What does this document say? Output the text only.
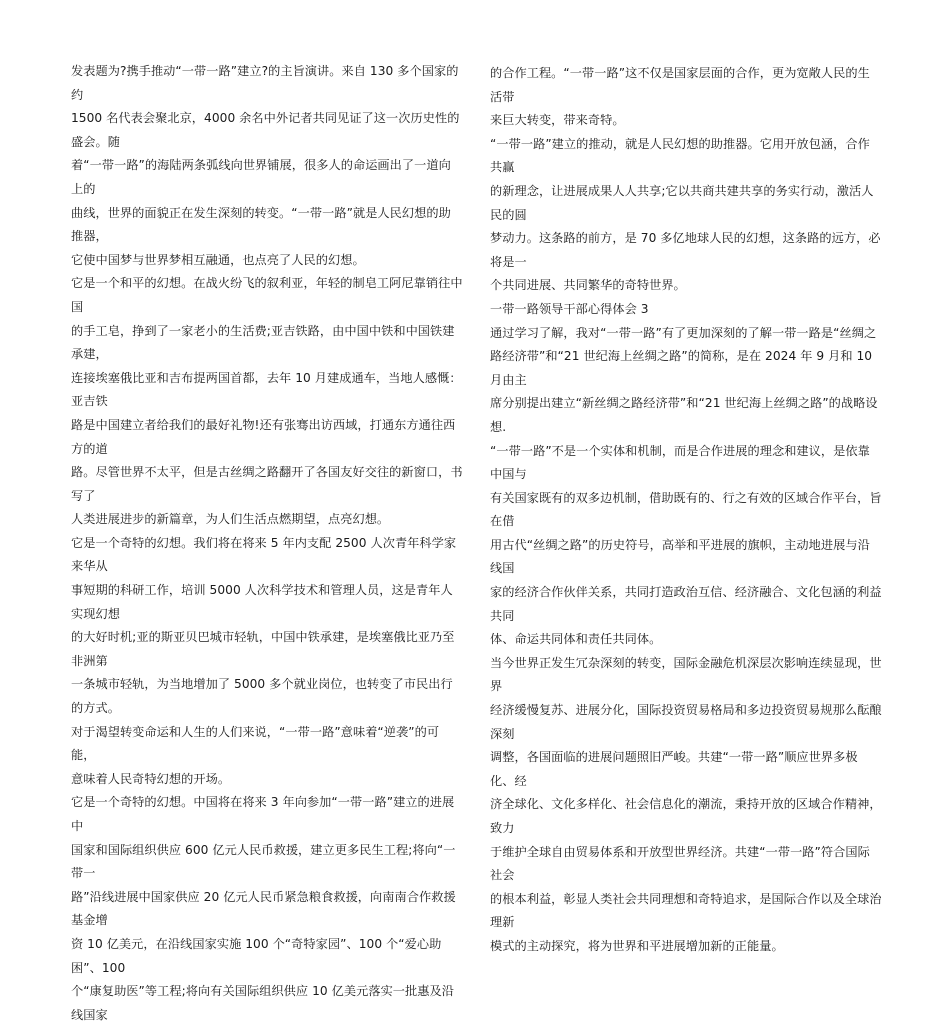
发表题为?携手推动“一带一路”建立?的主旨演讲。来自 130 多个国家的约
1500 名代表会聚北京，4000 余名中外记者共同见证了这一次历史性的盛会。随
着“一带一路”的海陆两条弧线向世界铺展，很多人的命运画出了一道向上的
曲线，世界的面貌正在发生深刻的转变。“一带一路”就是人民幻想的助推器，
它使中国梦与世界梦相互融通，也点亮了人民的幻想。

它是一个和平的幻想。在战火纷飞的叙利亚，年轻的制皂工阿尼靠销往中国
的手工皂，挣到了一家老小的生活费;亚吉铁路，由中国中铁和中国铁建承建，
连接埃塞俄比亚和吉布提两国首都，去年 10 月建成通车，当地人感慨：亚吉铁
路是中国建立者给我们的最好礼物!还有张骞出访西域，打通东方通往西方的道
路。尽管世界不太平，但是古丝绸之路翻开了各国友好交往的新窗口，书写了
人类进展进步的新篇章，为人们生活点燃期望，点亮幻想。

它是一个奇特的幻想。我们将在将来 5 年内支配 2500 人次青年科学家来华从
事短期的科研工作，培训 5000 人次科学技术和管理人员，这是青年人实现幻想
的大好时机;亚的斯亚贝巴城市轻轨，中国中铁承建，是埃塞俄比亚乃至非洲第
一条城市轻轨，为当地增加了 5000 多个就业岗位，也转变了市民出行的方式。
对于渴望转变命运和人生的人们来说，“一带一路”意味着“逆袭”的可能，
意味着人民奇特幻想的开场。

它是一个奇特的幻想。中国将在将来 3 年向参加“一带一路”建立的进展中
国家和国际组织供应 600 亿元人民币救援，建立更多民生工程;将向“一带一
路”沿线进展中国家供应 20 亿元人民币紧急粮食救援，向南南合作救援基金增
资 10 亿美元，在沿线国家实施 100 个“奇特家园”、100 个“爱心助困”、100
个“康复助医”等工程;将向有关国际组织供应 10 亿美元落实一批惠及沿线国家

的合作工程。“一带一路”这不仅是国家层面的合作，更为宽敞人民的生活带
来巨大转变，带来奇特。

“一带一路”建立的推动，就是人民幻想的助推器。它用开放包涵，合作共赢
的新理念，让进展成果人人共享;它以共商共建共享的务实行动，激活人民的圆
梦动力。这条路的前方，是 70 多亿地球人民的幻想，这条路的远方，必将是一
个共同进展、共同繁华的奇特世界。

一带一路领导干部心得体会 3

通过学习了解，我对“一带一路”有了更加深刻的了解一带一路是“丝绸之
路经济带”和“21 世纪海上丝绸之路”的简称，是在 2024 年 9 月和 10 月由主
席分别提出建立“新丝绸之路经济带”和“21 世纪海上丝绸之路”的战略设想.
“一带一路”不是一个实体和机制，而是合作进展的理念和建议，是依靠中国与
有关国家既有的双多边机制，借助既有的、行之有效的区域合作平台，旨在借
用古代“丝绸之路”的历史符号，高举和平进展的旗帜，主动地进展与沿线国
家的经济合作伙伴关系，共同打造政治互信、经济融合、文化包涵的利益共同
体、命运共同体和责任共同体。

当今世界正发生冗杂深刻的转变，国际金融危机深层次影响连续显现，世界
经济缓慢复苏、进展分化，国际投资贸易格局和多边投资贸易规那么酝酿深刻
调整，各国面临的进展问题照旧严峻。共建“一带一路”顺应世界多极化、经
济全球化、文化多样化、社会信息化的潮流，秉持开放的区域合作精神，致力
于维护全球自由贸易体系和开放型世界经济。共建“一带一路”符合国际社会
的根本利益，彰显人类社会共同理想和奇特追求，是国际合作以及全球治理新
模式的主动探究，将为世界和平进展增加新的正能量。
